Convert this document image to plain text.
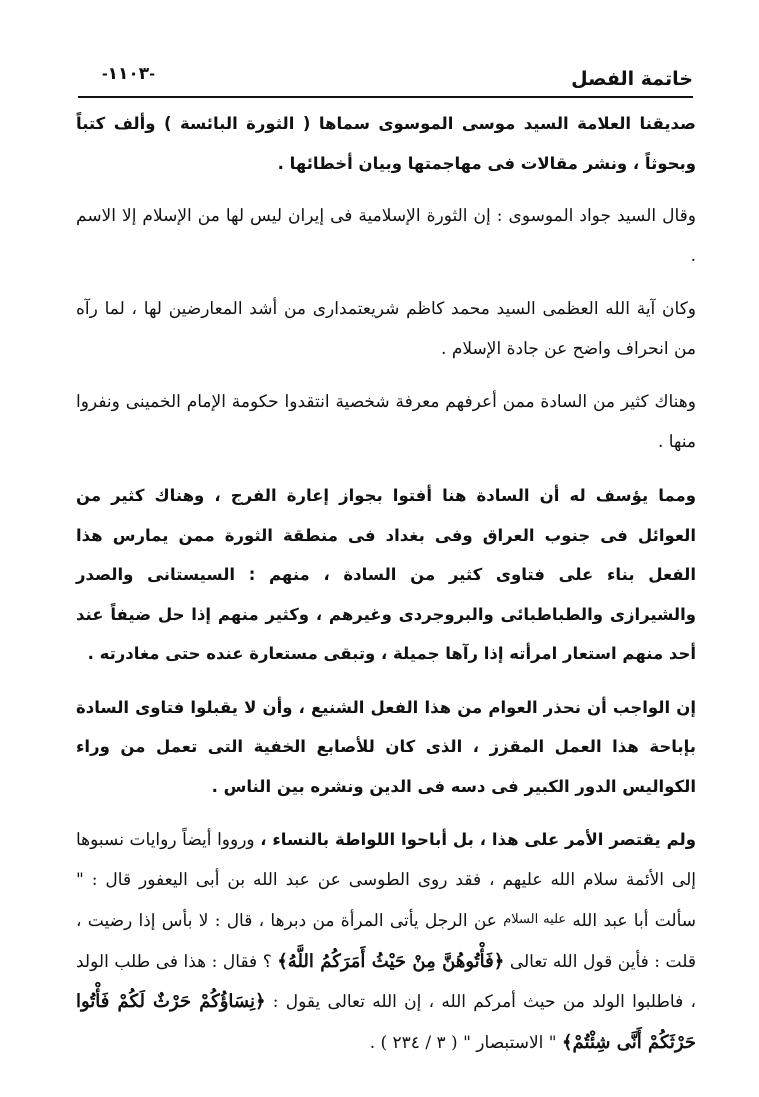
خاتمة الفصل
-١١٠٣-

صديقنا العلامة السيد موسى الموسوى سماها ( الثورة البائسة ) وألف كتباً وبحوثاً ، ونشر مقالات فى مهاجمتها وبيان أخطائها .

وقال السيد جواد الموسوى : إن الثورة الإسلامية فى إيران ليس لها من الإسلام إلا الاسم .

وكان آية الله العظمى السيد محمد كاظم شريعتمدارى من أشد المعارضين لها ، لما رآه من انحراف واضح عن جادة الإسلام .

وهناك كثير من السادة ممن أعرفهم معرفة شخصية انتقدوا حكومة الإمام الخمينى ونفروا منها .

ومما يؤسف له أن السادة هنا أفتوا بجواز إعارة الفرج ، وهناك كثير من العوائل فى جنوب العراق وفى بغداد فى منطقة الثورة ممن يمارس هذا الفعل بناء على فتاوى كثير من السادة ، منهم : السيستانى والصدر والشيرازى والطباطبائى والبروجردى وغيرهم ، وكثير منهم إذا حل ضيفاً عند أحد منهم استعار امرأته إذا رآها جميلة ، وتبقى مستعارة عنده حتى مغادرته .

إن الواجب أن نحذر العوام من هذا الفعل الشنيع ، وأن لا يقبلوا فتاوى السادة بإباحة هذا العمل المقزز ، الذى كان للأصابع الخفية التى تعمل من وراء الكواليس الدور الكبير فى دسه فى الدين ونشره بين الناس .

ولم يقتصر الأمر على هذا ، بل أباحوا اللواطة بالنساء ، ورووا أيضاً روايات نسبوها إلى الأئمة سلام الله عليهم ، فقد روى الطوسى عن عبد الله بن أبى اليعفور قال : " سألت أبا عبد الله عليه السلام عن الرجل يأتى المرأة من دبرها ، قال : لا بأس إذا رضيت ، قلت : فأين قول الله تعالى ﴿فَأْتُوهُنَّ مِنْ حَيْثُ أَمَرَكُمُ اللَّهُ﴾ ؟ فقال : هذا فى طلب الولد ، فاطلبوا الولد من حيث أمركم الله ، إن الله تعالى يقول : ﴿نِسَاؤُكُمْ حَرْثٌ لَكُمْ فَأْتُوا حَرْثَكُمْ أَنَّى شِئْتُمْ﴾ " الاستبصار " ( ٣ / ٢٣٤ ) .
